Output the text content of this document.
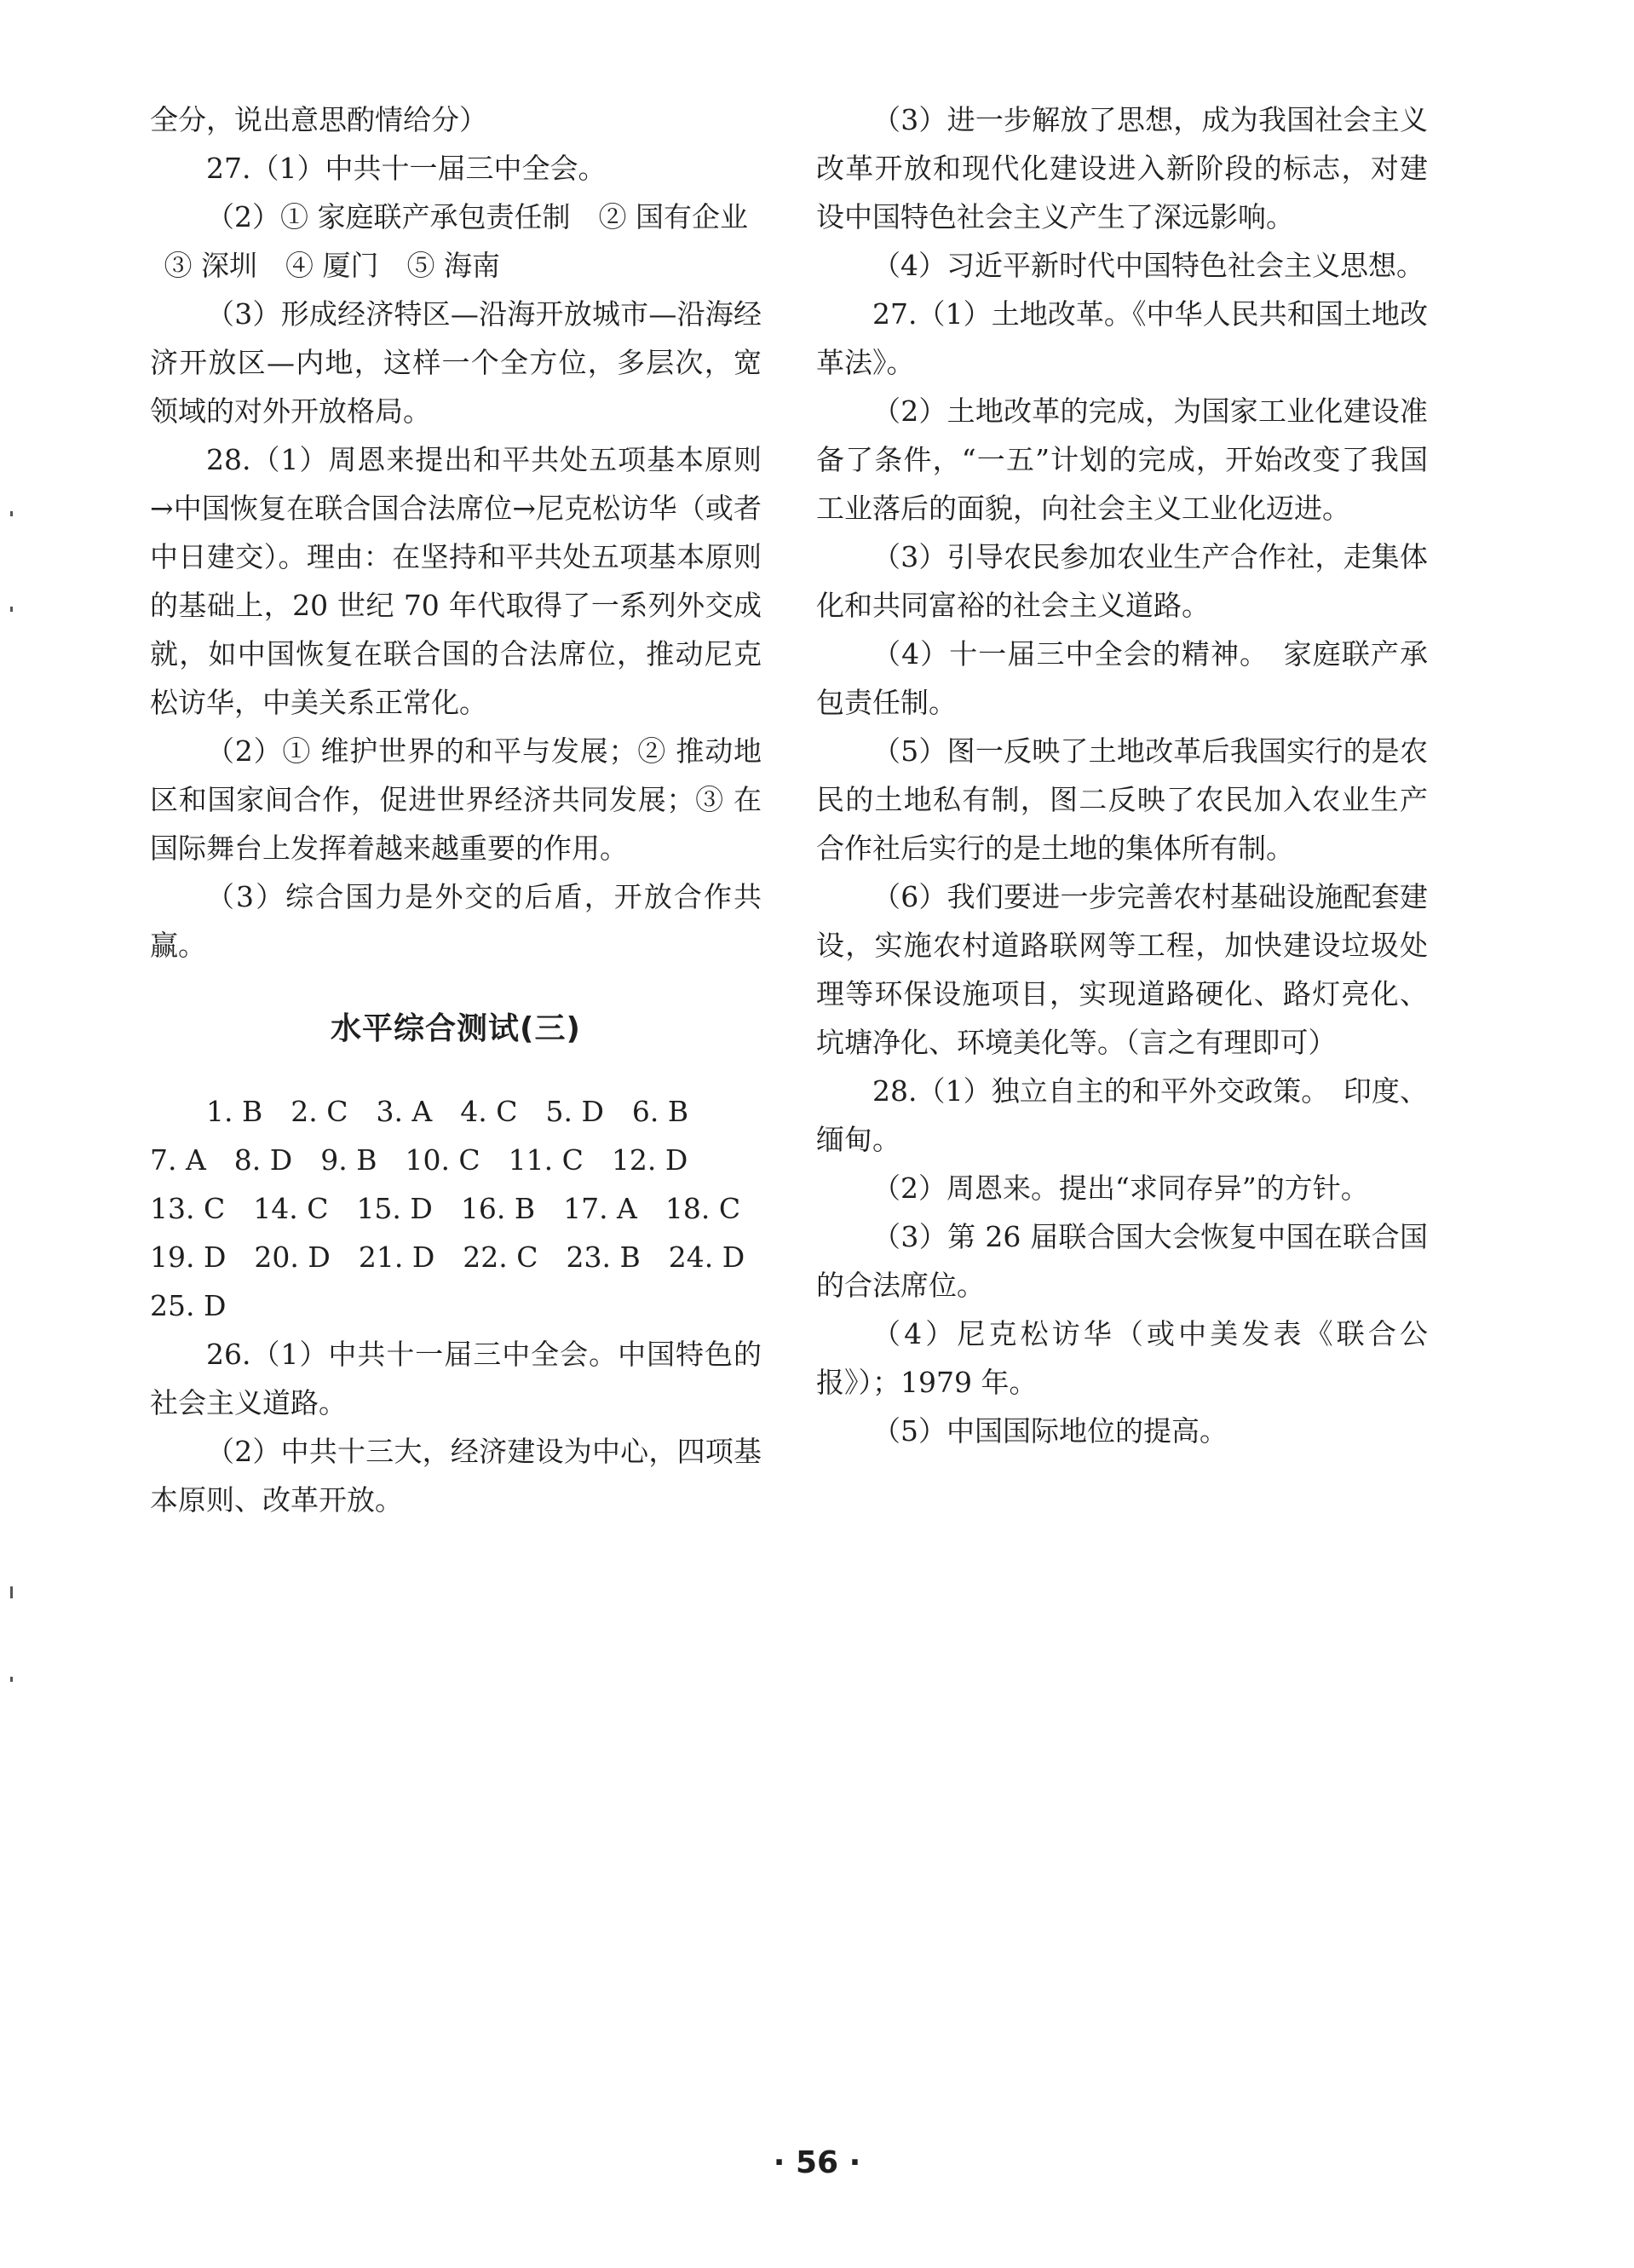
全分，说出意思酌情给分）

27.（1）中共十一届三中全会。

（2）① 家庭联产承包责任制　② 国有企业

③ 深圳　④ 厦门　⑤ 海南

（3）形成经济特区—沿海开放城市—沿海经济开放区—内地，这样一个全方位，多层次，宽领域的对外开放格局。

28.（1）周恩来提出和平共处五项基本原则→中国恢复在联合国合法席位→尼克松访华（或者中日建交）。理由：在坚持和平共处五项基本原则的基础上，20 世纪 70 年代取得了一系列外交成就，如中国恢复在联合国的合法席位，推动尼克松访华，中美关系正常化。

（2）① 维护世界的和平与发展；② 推动地区和国家间合作，促进世界经济共同发展；③ 在国际舞台上发挥着越来越重要的作用。

（3）综合国力是外交的后盾，开放合作共赢。

水平综合测试(三)

1. B　2. C　3. A　4. C　5. D　6. B

7. A　8. D　9. B　10. C　11. C　12. D

13. C　14. C　15. D　16. B　17. A　18. C

19. D　20. D　21. D　22. C　23. B　24. D

25. D

26.（1）中共十一届三中全会。中国特色的社会主义道路。

（2）中共十三大，经济建设为中心，四项基本原则、改革开放。

（3）进一步解放了思想，成为我国社会主义改革开放和现代化建设进入新阶段的标志，对建设中国特色社会主义产生了深远影响。

（4）习近平新时代中国特色社会主义思想。

27.（1）土地改革。《中华人民共和国土地改革法》。

（2）土地改革的完成，为国家工业化建设准备了条件，“一五”计划的完成，开始改变了我国工业落后的面貌，向社会主义工业化迈进。

（3）引导农民参加农业生产合作社，走集体化和共同富裕的社会主义道路。

（4）十一届三中全会的精神。　家庭联产承包责任制。

（5）图一反映了土地改革后我国实行的是农民的土地私有制，图二反映了农民加入农业生产合作社后实行的是土地的集体所有制。

（6）我们要进一步完善农村基础设施配套建设，实施农村道路联网等工程，加快建设垃圾处理等环保设施项目，实现道路硬化、路灯亮化、坑塘净化、环境美化等。（言之有理即可）

28.（1）独立自主的和平外交政策。　印度、缅甸。

（2）周恩来。提出“求同存异”的方针。

（3）第 26 届联合国大会恢复中国在联合国的合法席位。

（4）尼克松访华（或中美发表《联合公报》）；1979 年。

（5）中国国际地位的提高。

· 56 ·
